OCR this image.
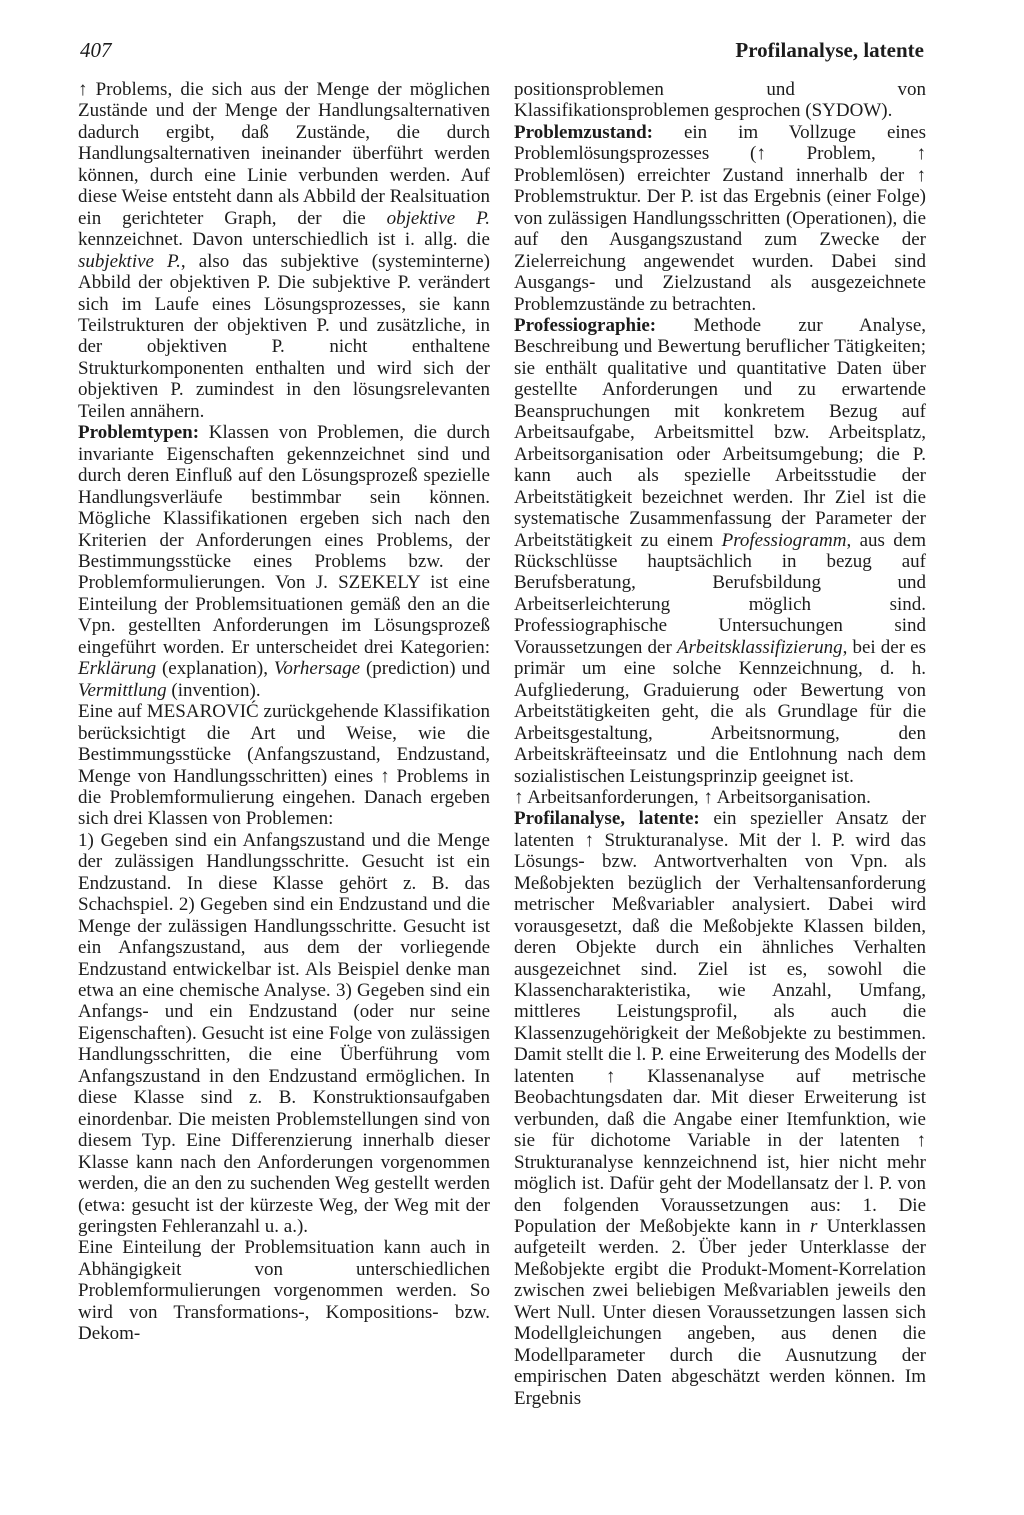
407	Profilanalyse, latente

↑ Problems, die sich aus der Menge der möglichen Zustände und der Menge der Handlungsalternativen dadurch ergibt, daß Zustände, die durch Handlungsalternativen ineinander überführt werden können, durch eine Linie verbunden werden. Auf diese Weise entsteht dann als Abbild der Realsituation ein gerichteter Graph, der die objektive P. kennzeichnet. Davon unterschiedlich ist i. allg. die subjektive P., also das subjektive (systeminterne) Abbild der objektiven P. Die subjektive P. verändert sich im Laufe eines Lösungsprozesses, sie kann Teilstrukturen der objektiven P. und zusätzliche, in der objektiven P. nicht enthaltene Strukturkomponenten enthalten und wird sich der objektiven P. zumindest in den lösungsrelevanten Teilen annähern.

Problemtypen: Klassen von Problemen, die durch invariante Eigenschaften gekennzeichnet sind und durch deren Einfluß auf den Lösungsprozeß spezielle Handlungsverläufe bestimmbar sein können. Mögliche Klassifikationen ergeben sich nach den Kriterien der Anforderungen eines Problems, der Bestimmungsstücke eines Problems bzw. der Problemformulierungen. Von J. SZEKELY ist eine Einteilung der Problemsituationen gemäß den an die Vpn. gestellten Anforderungen im Lösungsprozeß eingeführt worden. Er unterscheidet drei Kategorien: Erklärung (explanation), Vorhersage (prediction) und Vermittlung (invention).

Eine auf MESAROVIĆ zurückgehende Klassifikation berücksichtigt die Art und Weise, wie die Bestimmungsstücke (Anfangszustand, Endzustand, Menge von Handlungsschritten) eines ↑ Problems in die Problemformulierung eingehen. Danach ergeben sich drei Klassen von Problemen:

1) Gegeben sind ein Anfangszustand und die Menge der zulässigen Handlungsschritte. Gesucht ist ein Endzustand. In diese Klasse gehört z. B. das Schachspiel. 2) Gegeben sind ein Endzustand und die Menge der zulässigen Handlungsschritte. Gesucht ist ein Anfangszustand, aus dem der vorliegende Endzustand entwickelbar ist. Als Beispiel denke man etwa an eine chemische Analyse. 3) Gegeben sind ein Anfangs- und ein Endzustand (oder nur seine Eigenschaften). Gesucht ist eine Folge von zulässigen Handlungsschritten, die eine Überführung vom Anfangszustand in den Endzustand ermöglichen. In diese Klasse sind z. B. Konstruktionsaufgaben einordenbar. Die meisten Problemstellungen sind von diesem Typ. Eine Differenzierung innerhalb dieser Klasse kann nach den Anforderungen vorgenommen werden, die an den zu suchenden Weg gestellt werden (etwa: gesucht ist der kürzeste Weg, der Weg mit der geringsten Fehleranzahl u. a.).

Eine Einteilung der Problemsituation kann auch in Abhängigkeit von unterschiedlichen Problemformulierungen vorgenommen werden. So wird von Transformations-, Kompositions- bzw. Dekom-

positionsproblemen und von Klassifikationsproblemen gesprochen (SYDOW).

Problemzustand: ein im Vollzuge eines Problemlösungsprozesses (↑ Problem, ↑ Problemlösen) erreichter Zustand innerhalb der ↑ Problemstruktur. Der P. ist das Ergebnis (einer Folge) von zulässigen Handlungsschritten (Operationen), die auf den Ausgangszustand zum Zwecke der Zielerreichung angewendet wurden. Dabei sind Ausgangs- und Zielzustand als ausgezeichnete Problemzustände zu betrachten.

Professiographie: Methode zur Analyse, Beschreibung und Bewertung beruflicher Tätigkeiten; sie enthält qualitative und quantitative Daten über gestellte Anforderungen und zu erwartende Beanspruchungen mit konkretem Bezug auf Arbeitsaufgabe, Arbeitsmittel bzw. Arbeitsplatz, Arbeitsorganisation oder Arbeitsumgebung; die P. kann auch als spezielle Arbeitsstudie der Arbeitstätigkeit bezeichnet werden. Ihr Ziel ist die systematische Zusammenfassung der Parameter der Arbeitstätigkeit zu einem Professiogramm, aus dem Rückschlüsse hauptsächlich in bezug auf Berufsberatung, Berufsbildung und Arbeitserleichterung möglich sind. Professiographische Untersuchungen sind Voraussetzungen der Arbeitsklassifizierung, bei der es primär um eine solche Kennzeichnung, d. h. Aufgliederung, Graduierung oder Bewertung von Arbeitstätigkeiten geht, die als Grundlage für die Arbeitsgestaltung, Arbeitsnormung, den Arbeitskräfteeinsatz und die Entlohnung nach dem sozialistischen Leistungsprinzip geeignet ist.

↑ Arbeitsanforderungen, ↑ Arbeitsorganisation.

Profilanalyse, latente: ein spezieller Ansatz der latenten ↑ Strukturanalyse. Mit der l. P. wird das Lösungs- bzw. Antwortverhalten von Vpn. als Meßobjekten bezüglich der Verhaltensanforderung metrischer Meßvariabler analysiert. Dabei wird vorausgesetzt, daß die Meßobjekte Klassen bilden, deren Objekte durch ein ähnliches Verhalten ausgezeichnet sind. Ziel ist es, sowohl die Klassencharakteristika, wie Anzahl, Umfang, mittleres Leistungsprofil, als auch die Klassenzugehörigkeit der Meßobjekte zu bestimmen. Damit stellt die l. P. eine Erweiterung des Modells der latenten ↑ Klassenanalyse auf metrische Beobachtungsdaten dar. Mit dieser Erweiterung ist verbunden, daß die Angabe einer Itemfunktion, wie sie für dichotome Variable in der latenten ↑ Strukturanalyse kennzeichnend ist, hier nicht mehr möglich ist. Dafür geht der Modellansatz der l. P. von den folgenden Voraussetzungen aus: 1. Die Population der Meßobjekte kann in r Unterklassen aufgeteilt werden. 2. Über jeder Unterklasse der Meßobjekte ergibt die Produkt-Moment-Korrelation zwischen zwei beliebigen Meßvariablen jeweils den Wert Null. Unter diesen Voraussetzungen lassen sich Modellgleichungen angeben, aus denen die Modellparameter durch die Ausnutzung der empirischen Daten abgeschätzt werden können. Im Ergebnis
